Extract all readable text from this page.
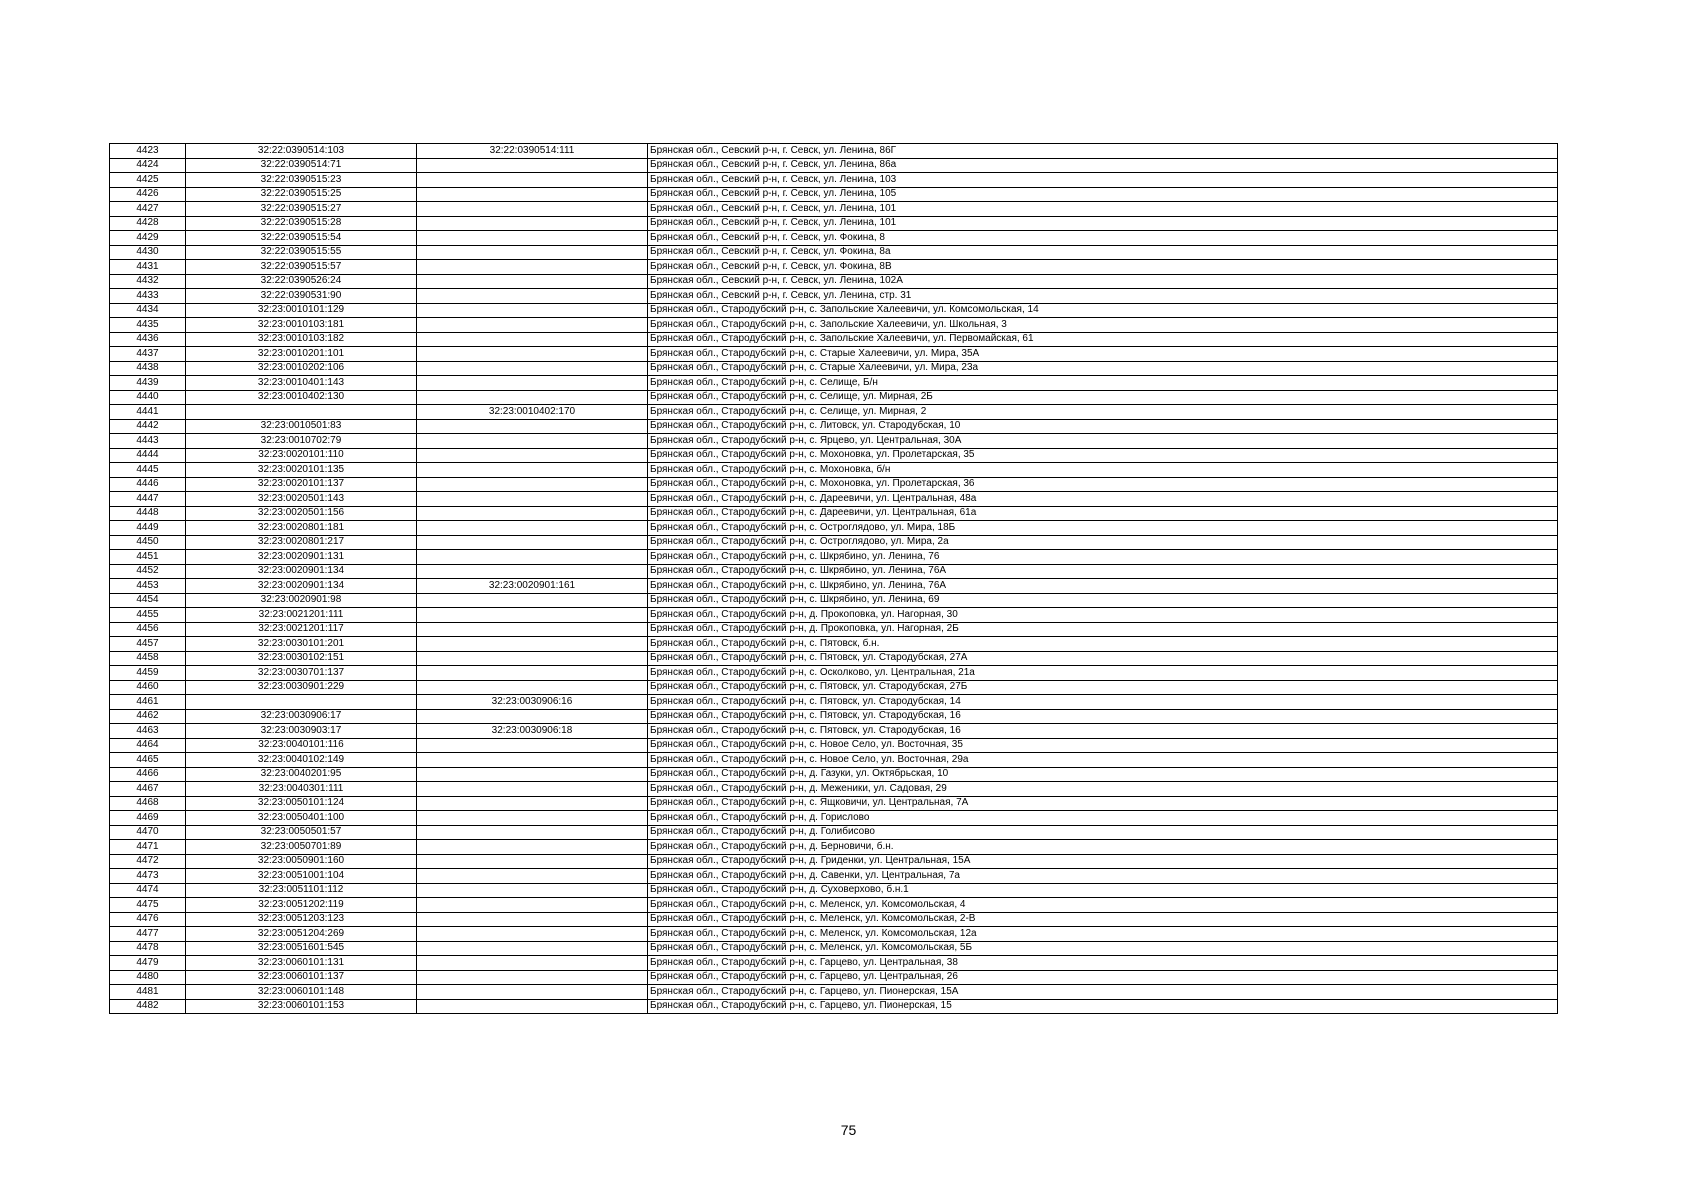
4423	32:22:0390514:103	32:22:0390514:111	Брянская обл., Севский р-н, г. Севск, ул. Ленина, 86Г
4424	32:22:0390514:71		Брянская обл., Севский р-н, г. Севск, ул. Ленина, 86а
4425	32:22:0390515:23		Брянская обл., Севский р-н, г. Севск, ул. Ленина, 103
4426	32:22:0390515:25		Брянская обл., Севский р-н, г. Севск, ул. Ленина, 105
4427	32:22:0390515:27		Брянская обл., Севский р-н, г. Севск, ул. Ленина, 101
4428	32:22:0390515:28		Брянская обл., Севский р-н, г. Севск, ул. Ленина, 101
4429	32:22:0390515:54		Брянская обл., Севский р-н, г. Севск, ул. Фокина, 8
4430	32:22:0390515:55		Брянская обл., Севский р-н, г. Севск, ул. Фокина, 8а
4431	32:22:0390515:57		Брянская обл., Севский р-н, г. Севск, ул. Фокина, 8В
4432	32:22:0390526:24		Брянская обл., Севский р-н, г. Севск, ул. Ленина, 102А
4433	32:22:0390531:90		Брянская обл., Севский р-н, г. Севск, ул. Ленина, стр. 31
4434	32:23:0010101:129		Брянская обл., Стародубский р-н, с. Запольские Халеевичи, ул. Комсомольская, 14
4435	32:23:0010103:181		Брянская обл., Стародубский р-н, с. Запольские Халеевичи, ул. Школьная, 3
4436	32:23:0010103:182		Брянская обл., Стародубский р-н, с. Запольские Халеевичи, ул. Первомайская, 61
4437	32:23:0010201:101		Брянская обл., Стародубский р-н, с. Старые Халеевичи, ул. Мира, 35А
4438	32:23:0010202:106		Брянская обл., Стародубский р-н, с. Старые Халеевичи, ул. Мира, 23а
4439	32:23:0010401:143		Брянская обл., Стародубский р-н, с. Селище, Б/н
4440	32:23:0010402:130		Брянская обл., Стародубский р-н, с. Селище, ул. Мирная, 2Б
4441		32:23:0010402:170	Брянская обл., Стародубский р-н, с. Селище, ул. Мирная, 2
4442	32:23:0010501:83		Брянская обл., Стародубский р-н, с. Литовск, ул. Стародубская, 10
4443	32:23:0010702:79		Брянская обл., Стародубский р-н, с. Ярцево, ул. Центральная, 30А
4444	32:23:0020101:110		Брянская обл., Стародубский р-н, с. Мохоновка, ул. Пролетарская, 35
4445	32:23:0020101:135		Брянская обл., Стародубский р-н, с. Мохоновка, б/н
4446	32:23:0020101:137		Брянская обл., Стародубский р-н, с. Мохоновка, ул. Пролетарская, 36
4447	32:23:0020501:143		Брянская обл., Стародубский р-н, с. Дареевичи, ул. Центральная, 48а
4448	32:23:0020501:156		Брянская обл., Стародубский р-н, с. Дареевичи, ул. Центральная, 61а
4449	32:23:0020801:181		Брянская обл., Стародубский р-н, с. Остроглядово, ул. Мира, 18Б
4450	32:23:0020801:217		Брянская обл., Стародубский р-н, с. Остроглядово, ул. Мира, 2а
4451	32:23:0020901:131		Брянская обл., Стародубский р-н, с. Шкрябино, ул. Ленина, 76
4452	32:23:0020901:134		Брянская обл., Стародубский р-н, с. Шкрябино, ул. Ленина, 76А
4453	32:23:0020901:134	32:23:0020901:161	Брянская обл., Стародубский р-н, с. Шкрябино, ул. Ленина, 76А
4454	32:23:0020901:98		Брянская обл., Стародубский р-н, с. Шкрябино, ул. Ленина, 69
4455	32:23:0021201:111		Брянская обл., Стародубский р-н, д. Прокоповка, ул. Нагорная, 30
4456	32:23:0021201:117		Брянская обл., Стародубский р-н, д. Прокоповка, ул. Нагорная, 2Б
4457	32:23:0030101:201		Брянская обл., Стародубский р-н, с. Пятовск, б.н.
4458	32:23:0030102:151		Брянская обл., Стародубский р-н, с. Пятовск, ул. Стародубская, 27А
4459	32:23:0030701:137		Брянская обл., Стародубский р-н, с. Осколково, ул. Центральная, 21а
4460	32:23:0030901:229		Брянская обл., Стародубский р-н, с. Пятовск, ул. Стародубская, 27Б
4461		32:23:0030906:16	Брянская обл., Стародубский р-н, с. Пятовск, ул. Стародубская, 14
4462	32:23:0030906:17		Брянская обл., Стародубский р-н, с. Пятовск, ул. Стародубская, 16
4463	32:23:0030903:17	32:23:0030906:18	Брянская обл., Стародубский р-н, с. Пятовск, ул. Стародубская, 16
4464	32:23:0040101:116		Брянская обл., Стародубский р-н, с. Новое Село, ул. Восточная, 35
4465	32:23:0040102:149		Брянская обл., Стародубский р-н, с. Новое Село, ул. Восточная, 29а
4466	32:23:0040201:95		Брянская обл., Стародубский р-н, д. Газуки, ул. Октябрьская, 10
4467	32:23:0040301:111		Брянская обл., Стародубский р-н, д. Меженики, ул. Садовая, 29
4468	32:23:0050101:124		Брянская обл., Стародубский р-н, с. Ящковичи, ул. Центральная, 7А
4469	32:23:0050401:100		Брянская обл., Стародубский р-н, д. Горислово
4470	32:23:0050501:57		Брянская обл., Стародубский р-н, д. Голибисово
4471	32:23:0050701:89		Брянская обл., Стародубский р-н, д. Берновичи, б.н.
4472	32:23:0050901:160		Брянская обл., Стародубский р-н, д. Гриденки, ул. Центральная, 15А
4473	32:23:0051001:104		Брянская обл., Стародубский р-н, д. Савенки, ул. Центральная, 7а
4474	32:23:0051101:112		Брянская обл., Стародубский р-н, д. Суховерхово, б.н.1
4475	32:23:0051202:119		Брянская обл., Стародубский р-н, с. Меленск, ул. Комсомольская, 4
4476	32:23:0051203:123		Брянская обл., Стародубский р-н, с. Меленск, ул. Комсомольская, 2-В
4477	32:23:0051204:269		Брянская обл., Стародубский р-н, с. Меленск, ул. Комсомольская, 12а
4478	32:23:0051601:545		Брянская обл., Стародубский р-н, с. Меленск, ул. Комсомольская, 5Б
4479	32:23:0060101:131		Брянская обл., Стародубский р-н, с. Гарцево, ул. Центральная, 38
4480	32:23:0060101:137		Брянская обл., Стародубский р-н, с. Гарцево, ул. Центральная, 26
4481	32:23:0060101:148		Брянская обл., Стародубский р-н, с. Гарцево, ул. Пионерская, 15А
4482	32:23:0060101:153		Брянская обл., Стародубский р-н, с. Гарцево, ул. Пионерская, 15
75
